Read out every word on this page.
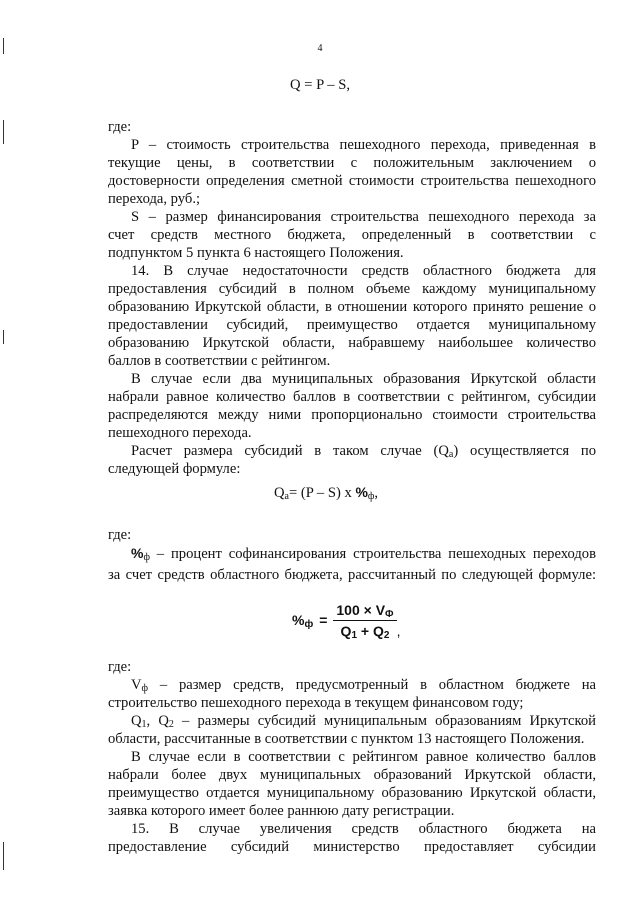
4
Q = P – S,
где:
P – стоимость строительства пешеходного перехода, приведенная в
текущие цены, в соответствии с положительным заключением о
достоверности определения сметной стоимости строительства пешеходного
перехода, руб.;
S – размер финансирования строительства пешеходного перехода за
счет средств местного бюджета, определенный в соответствии с
подпунктом 5 пункта 6 настоящего Положения.
14. В случае недостаточности средств областного бюджета для
предоставления субсидий в полном объеме каждому муниципальному
образованию Иркутской области, в отношении которого принято решение о
предоставлении субсидий, преимущество отдается муниципальному
образованию Иркутской области, набравшему наибольшее количество
баллов в соответствии с рейтингом.
В случае если два муниципальных образования Иркутской области
набрали равное количество баллов в соответствии с рейтингом, субсидии
распределяются между ними пропорционально стоимости строительства
пешеходного перехода.
Расчет размера субсидий в таком случае $(Q_a)$ осуществляется по
следующей формуле:
$Q_a= (P - S)$ x $\%_ф$,
где:
$\%_ф$ – процент софинансирования строительства пешеходных переходов
за счет средств областного бюджета, рассчитанный по следующей формуле:
$\%_ф = \frac{100 \times V_Ф}{Q_1 + Q_2}$ ,
где:
$V_ф$ – размер средств, предусмотренный в областном бюджете на
строительство пешеходного перехода в текущем финансовом году;
$Q_1$, $Q_2$ – размеры субсидий муниципальным образованиям Иркутской
области, рассчитанные в соответствии с пунктом 13 настоящего Положения.
В случае если в соответствии с рейтингом равное количество баллов
набрали более двух муниципальных образований Иркутской области,
преимущество отдается муниципальному образованию Иркутской области,
заявка которого имеет более раннюю дату регистрации.
15. В случае увеличения средств областного бюджета на
предоставление субсидий министерство предоставляет субсидии
